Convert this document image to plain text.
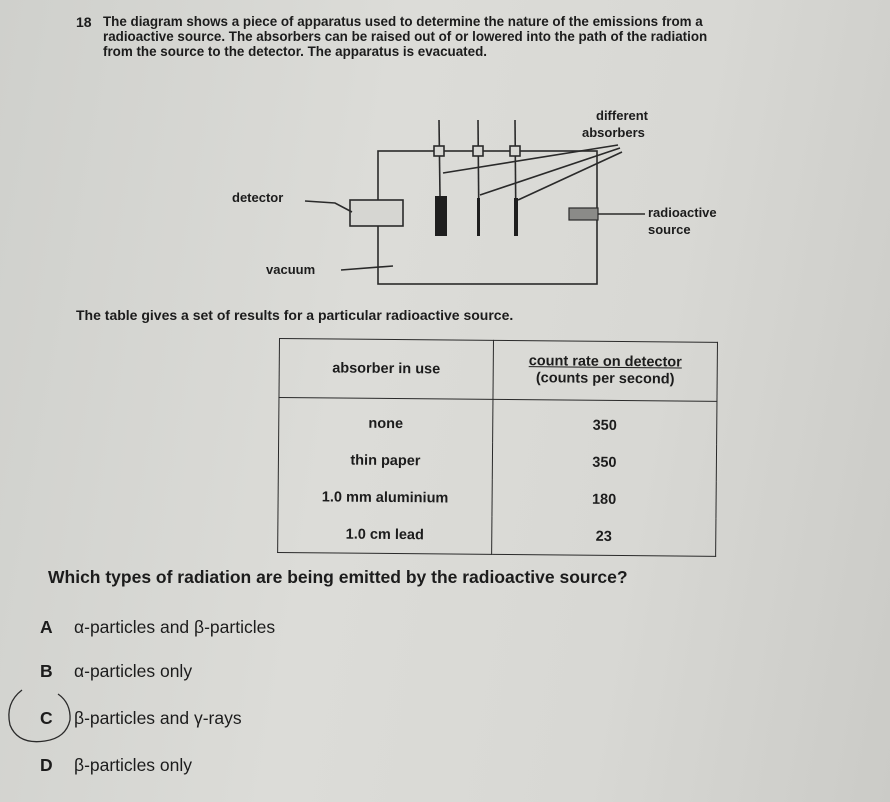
18 The diagram shows a piece of apparatus used to determine the nature of the emissions from a
radioactive source. The absorbers can be raised out of or lowered into the path of the radiation
from the source to the detector. The apparatus is evacuated.
different
absorbers
detector
radioactive
source
vacuum
The table gives a set of results for a particular radioactive source.
absorber in use	count rate on detector
(counts per second)
none	350
thin paper	350
1.0 mm aluminium	180
1.0 cm lead	23
Which types of radiation are being emitted by the radioactive source?
A α-particles and β-particles
B α-particles only
C β-particles and γ-rays
D β-particles only
